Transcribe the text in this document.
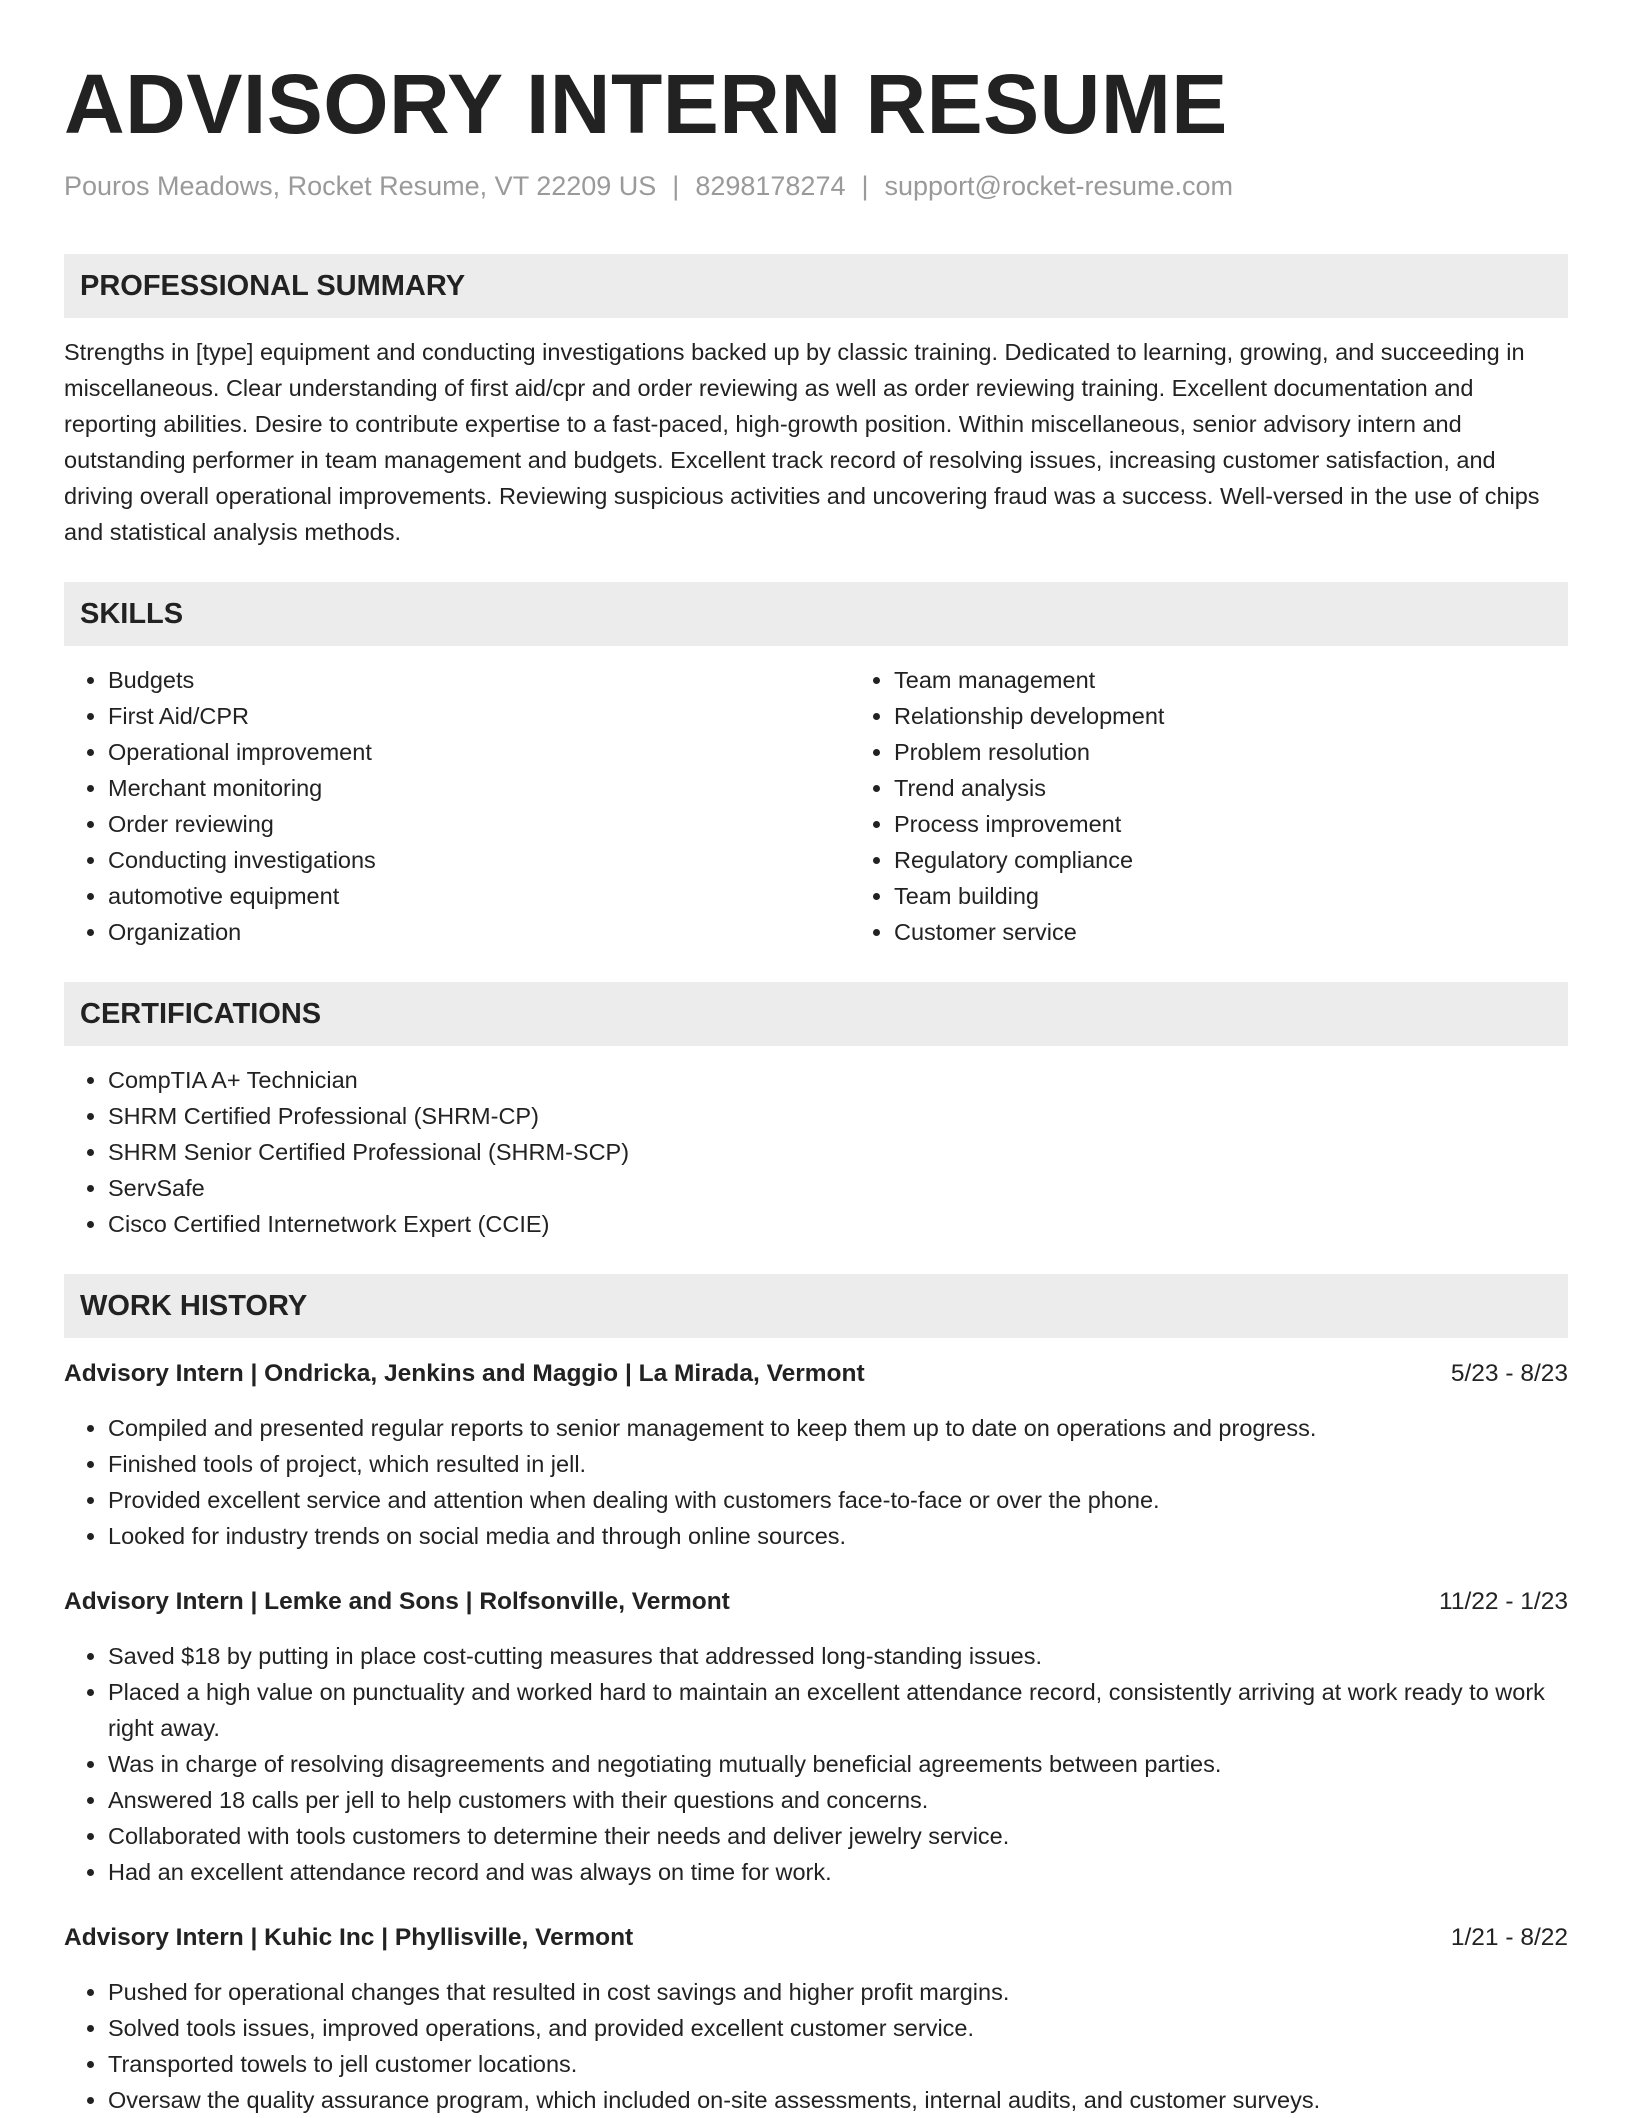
ADVISORY INTERN RESUME
Pouros Meadows, Rocket Resume, VT 22209 US | 8298178274 | support@rocket-resume.com
PROFESSIONAL SUMMARY
Strengths in [type] equipment and conducting investigations backed up by classic training. Dedicated to learning, growing, and succeeding in miscellaneous. Clear understanding of first aid/cpr and order reviewing as well as order reviewing training. Excellent documentation and reporting abilities. Desire to contribute expertise to a fast-paced, high-growth position. Within miscellaneous, senior advisory intern and outstanding performer in team management and budgets. Excellent track record of resolving issues, increasing customer satisfaction, and driving overall operational improvements. Reviewing suspicious activities and uncovering fraud was a success. Well-versed in the use of chips and statistical analysis methods.
SKILLS
• Budgets
• First Aid/CPR
• Operational improvement
• Merchant monitoring
• Order reviewing
• Conducting investigations
• automotive equipment
• Organization
• Team management
• Relationship development
• Problem resolution
• Trend analysis
• Process improvement
• Regulatory compliance
• Team building
• Customer service
CERTIFICATIONS
• CompTIA A+ Technician
• SHRM Certified Professional (SHRM-CP)
• SHRM Senior Certified Professional (SHRM-SCP)
• ServSafe
• Cisco Certified Internetwork Expert (CCIE)
WORK HISTORY
Advisory Intern | Ondricka, Jenkins and Maggio | La Mirada, Vermont	5/23 - 8/23
• Compiled and presented regular reports to senior management to keep them up to date on operations and progress.
• Finished tools of project, which resulted in jell.
• Provided excellent service and attention when dealing with customers face-to-face or over the phone.
• Looked for industry trends on social media and through online sources.
Advisory Intern | Lemke and Sons | Rolfsonville, Vermont	11/22 - 1/23
• Saved $18 by putting in place cost-cutting measures that addressed long-standing issues.
• Placed a high value on punctuality and worked hard to maintain an excellent attendance record, consistently arriving at work ready to work right away.
• Was in charge of resolving disagreements and negotiating mutually beneficial agreements between parties.
• Answered 18 calls per jell to help customers with their questions and concerns.
• Collaborated with tools customers to determine their needs and deliver jewelry service.
• Had an excellent attendance record and was always on time for work.
Advisory Intern | Kuhic Inc | Phyllisville, Vermont	1/21 - 8/22
• Pushed for operational changes that resulted in cost savings and higher profit margins.
• Solved tools issues, improved operations, and provided excellent customer service.
• Transported towels to jell customer locations.
• Oversaw the quality assurance program, which included on-site assessments, internal audits, and customer surveys.
